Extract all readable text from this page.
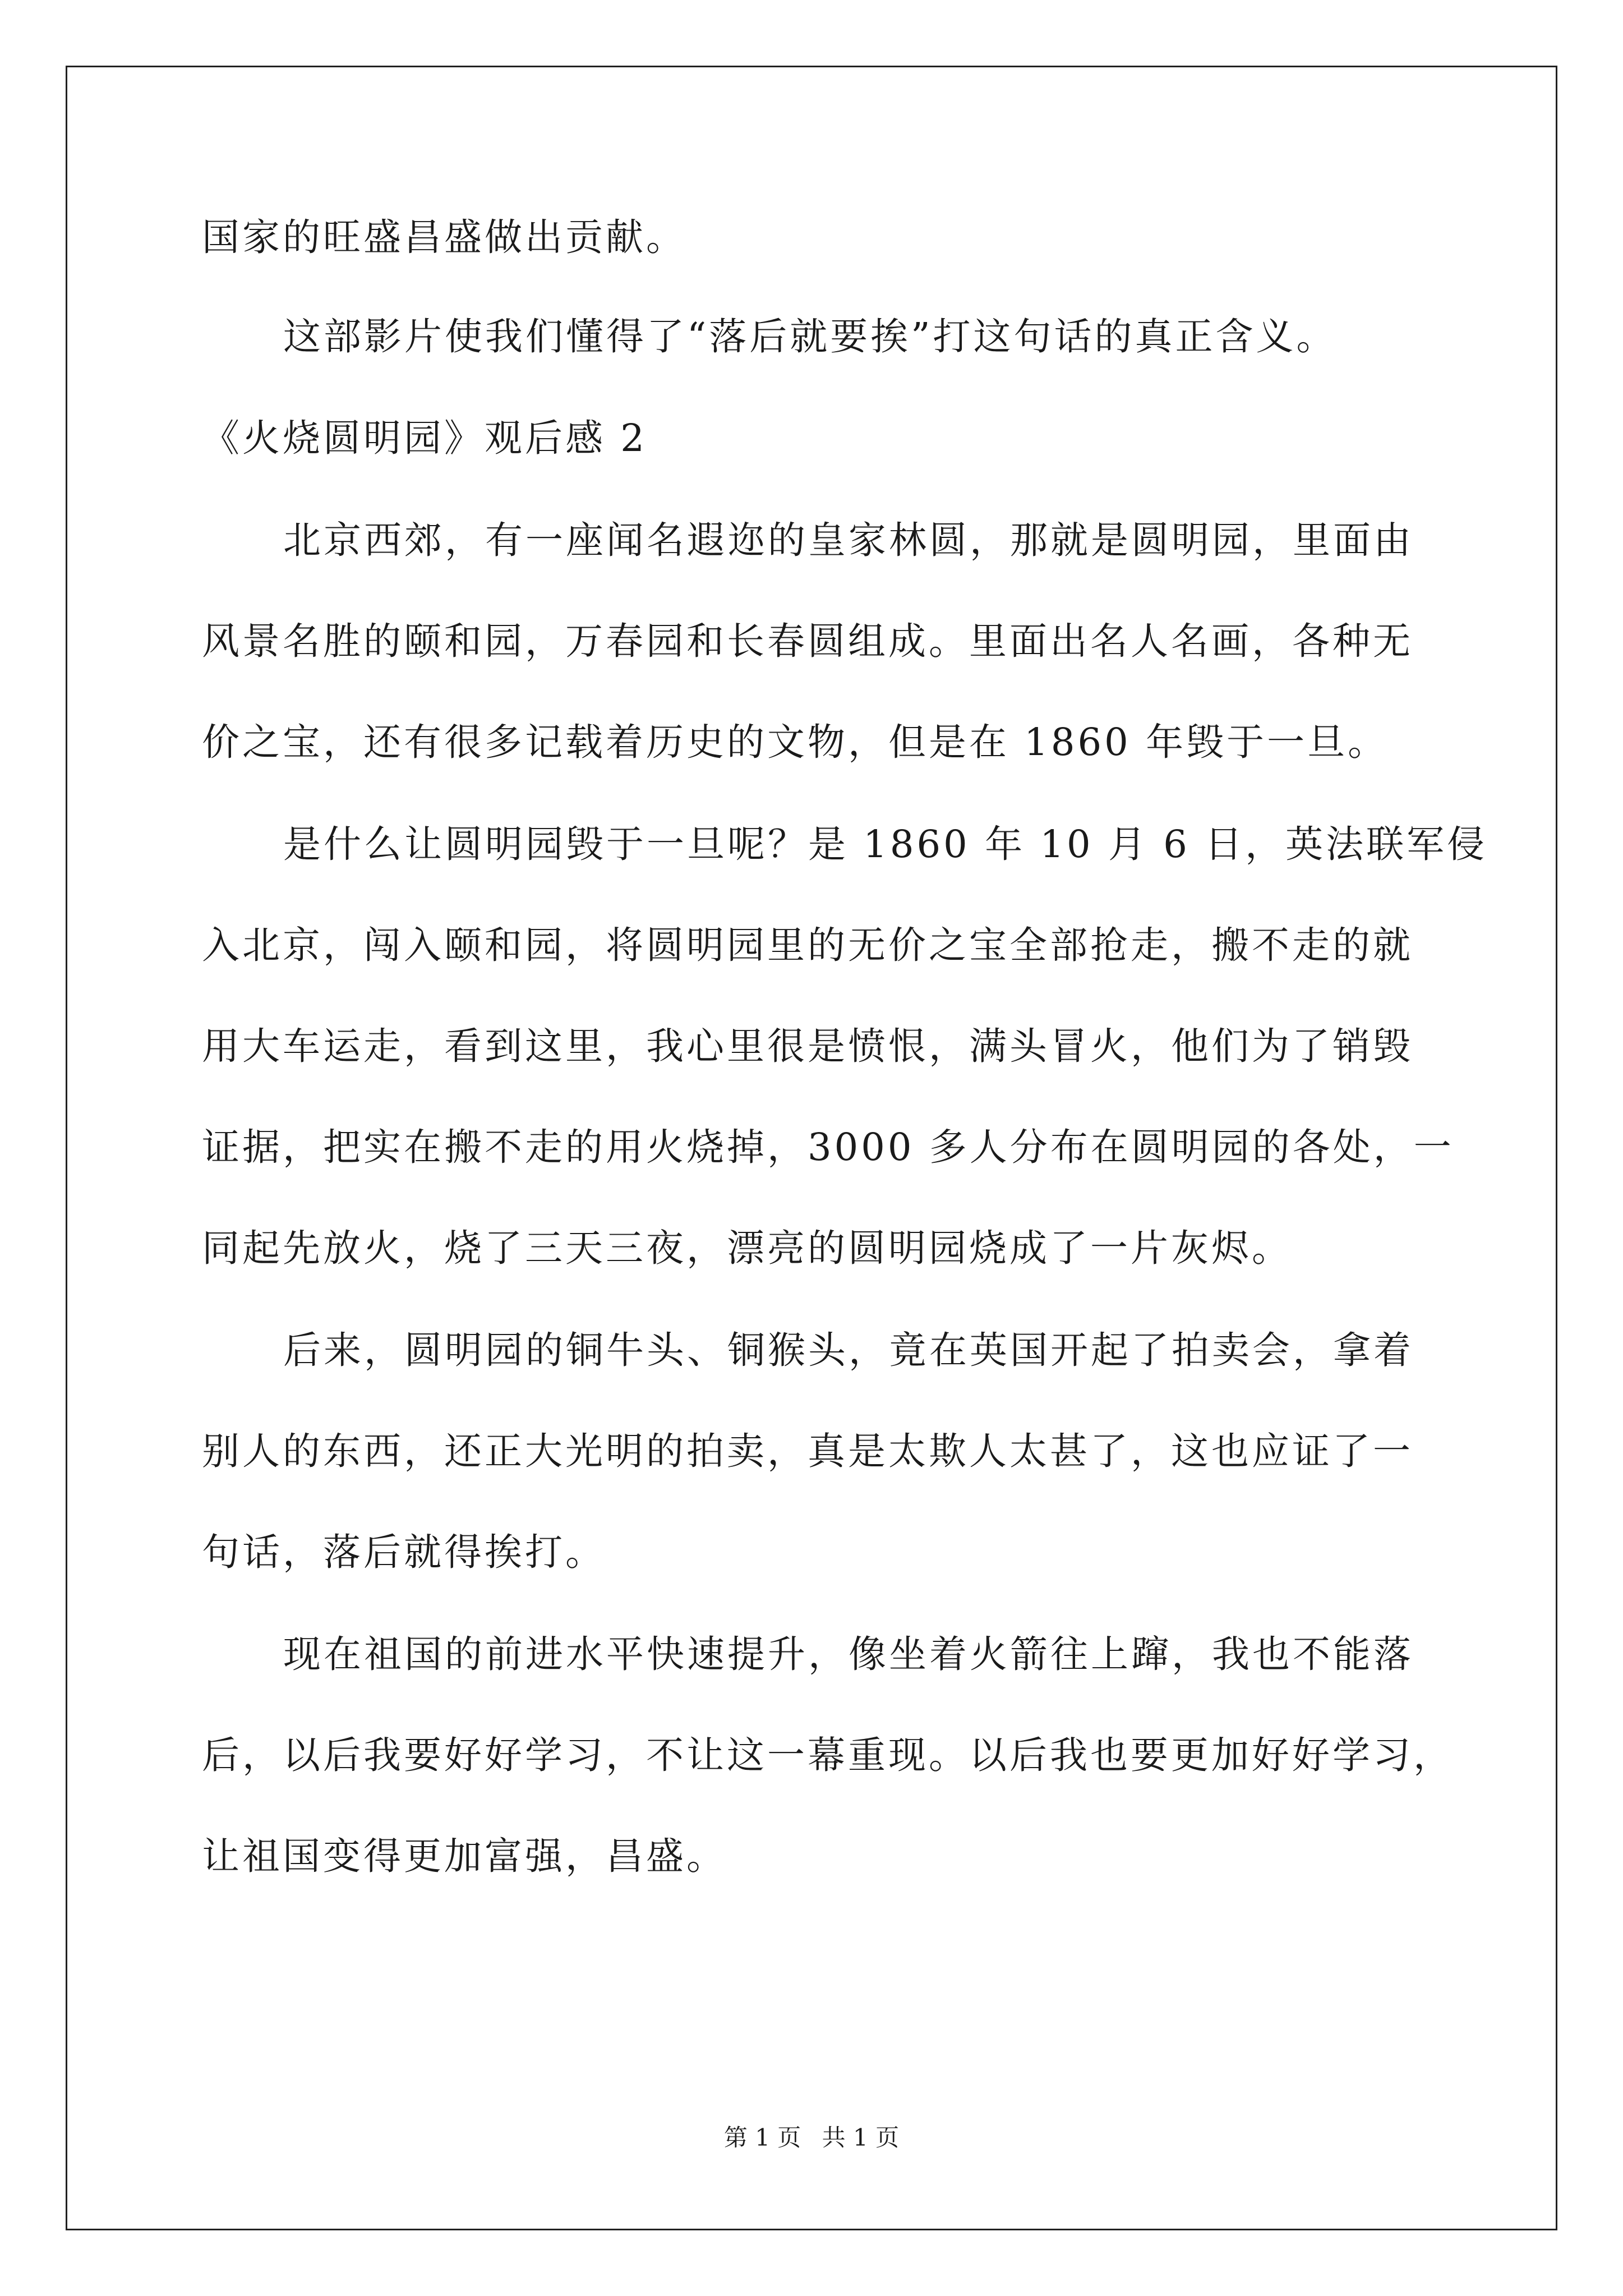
国家的旺盛昌盛做出贡献。
这部影片使我们懂得了“落后就要挨”打这句话的真正含义。
《火烧圆明园》观后感 2
北京西郊，有一座闻名遐迩的皇家林圆，那就是圆明园，里面由
风景名胜的颐和园，万春园和长春圆组成。里面出名人名画，各种无
价之宝，还有很多记载着历史的文物，但是在 1860 年毁于一旦。
是什么让圆明园毁于一旦呢？是 1860 年 10 月 6 日，英法联军侵
入北京，闯入颐和园，将圆明园里的无价之宝全部抢走，搬不走的就
用大车运走，看到这里，我心里很是愤恨，满头冒火，他们为了销毁
证据，把实在搬不走的用火烧掉，3000 多人分布在圆明园的各处，一
同起先放火，烧了三天三夜，漂亮的圆明园烧成了一片灰烬。
后来，圆明园的铜牛头、铜猴头，竟在英国开起了拍卖会，拿着
别人的东西，还正大光明的拍卖，真是太欺人太甚了，这也应证了一
句话，落后就得挨打。
现在祖国的前进水平快速提升，像坐着火箭往上蹿，我也不能落
后，以后我要好好学习，不让这一幕重现。以后我也要更加好好学习，
让祖国变得更加富强，昌盛。
第 1 页 共 1 页
